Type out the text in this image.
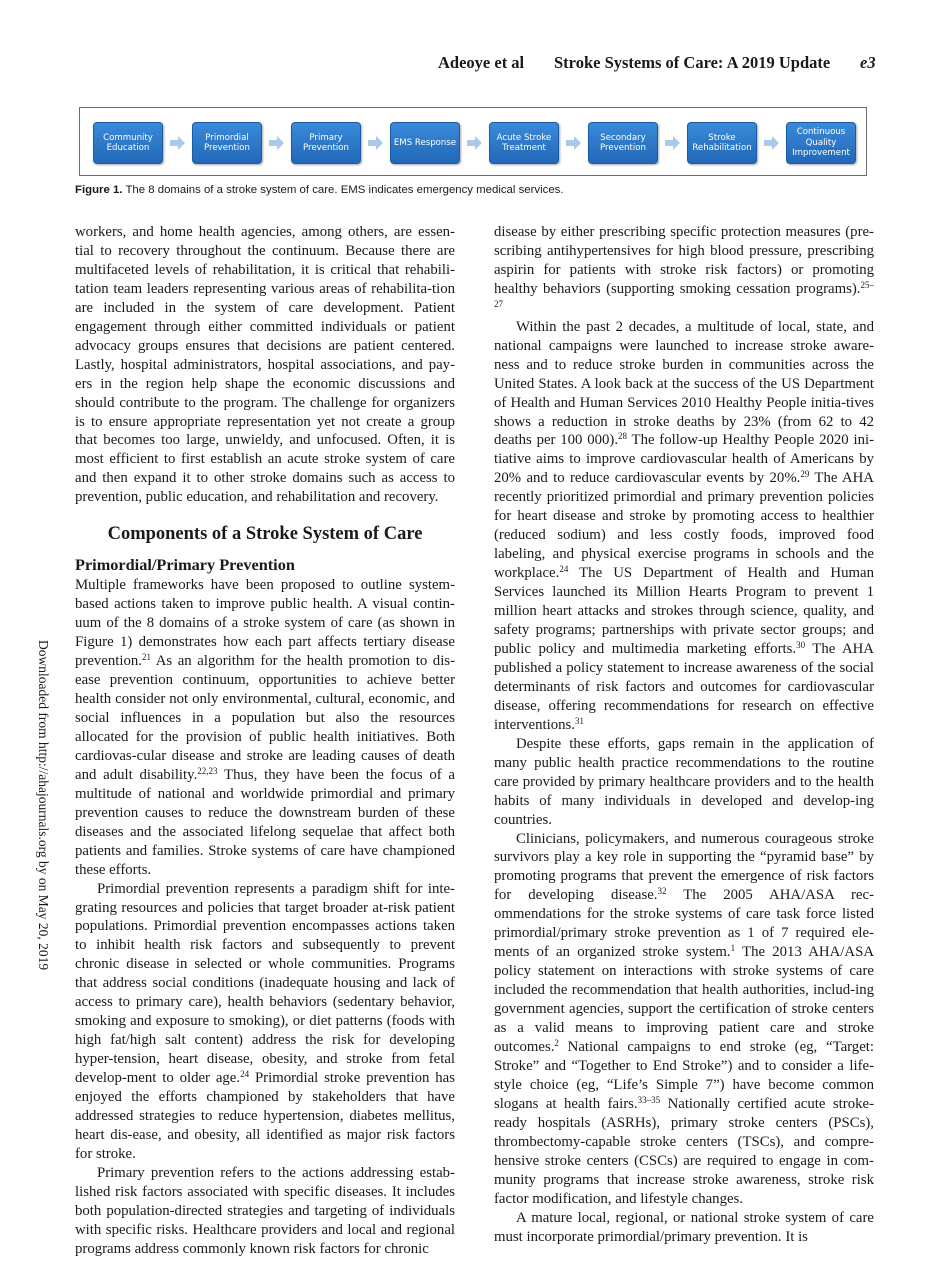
Adeoye et al Stroke Systems of Care: A 2019 Update e3
Community Education
Primordial Prevention
Primary Prevention
EMS Response
Acute Stroke Treatment
Secondary Prevention
Stroke Rehabilitation
Continuous Quality Improvement
Figure 1. The 8 domains of a stroke system of care. EMS indicates emergency medical services.
Downloaded from http://ahajournals.org by on May 20, 2019

workers, and home health agencies, among others, are essen-tial to recovery throughout the continuum. Because there are multifaceted levels of rehabilitation, it is critical that rehabili-tation team leaders representing various areas of rehabilita-tion are included in the system of care development. Patient engagement through either committed individuals or patient advocacy groups ensures that decisions are patient centered. Lastly, hospital administrators, hospital associations, and pay-ers in the region help shape the economic discussions and should contribute to the program. The challenge for organizers is to ensure appropriate representation yet not create a group that becomes too large, unwieldy, and unfocused. Often, it is most efficient to first establish an acute stroke system of care and then expand it to other stroke domains such as access to prevention, public education, and rehabilitation and recovery.

Components of a Stroke System of Care
Primordial/Primary Prevention

Multiple frameworks have been proposed to outline system-based actions taken to improve public health. A visual contin-uum of the 8 domains of a stroke system of care (as shown in Figure 1) demonstrates how each part affects tertiary disease prevention.$^{21}$ As an algorithm for the health promotion to dis-ease prevention continuum, opportunities to achieve better health consider not only environmental, cultural, economic, and social influences in a population but also the resources allocated for the provision of public health initiatives. Both cardiovas-cular disease and stroke are leading causes of death and adult disability.$^{22,23}$ Thus, they have been the focus of a multitude of national and worldwide primordial and primary prevention causes to reduce the downstream burden of these diseases and the associated lifelong sequelae that affect both patients and families. Stroke systems of care have championed these efforts.

Primordial prevention represents a paradigm shift for inte-grating resources and policies that target broader at-risk patient populations. Primordial prevention encompasses actions taken to inhibit health risk factors and subsequently to prevent chronic disease in selected or whole communities. Programs that address social conditions (inadequate housing and lack of access to primary care), health behaviors (sedentary behavior, smoking and exposure to smoking), or diet patterns (foods with high fat/high salt content) address the risk for developing hyper-tension, heart disease, obesity, and stroke from fetal develop-ment to older age.$^{24}$ Primordial stroke prevention has enjoyed the efforts championed by stakeholders that have addressed strategies to reduce hypertension, diabetes mellitus, heart dis-ease, and obesity, all identified as major risk factors for stroke.

Primary prevention refers to the actions addressing estab-lished risk factors associated with specific diseases. It includes both population-directed strategies and targeting of individuals with specific risks. Healthcare providers and local and regional programs address commonly known risk factors for chronic

disease by either prescribing specific protection measures (pre-scribing antihypertensives for high blood pressure, prescribing aspirin for patients with stroke risk factors) or promoting healthy behaviors (supporting smoking cessation programs).$^{25-27}$

Within the past 2 decades, a multitude of local, state, and national campaigns were launched to increase stroke aware-ness and to reduce stroke burden in communities across the United States. A look back at the success of the US Department of Health and Human Services 2010 Healthy People initia-tives shows a reduction in stroke deaths by 23% (from 62 to 42 deaths per 100 000).$^{28}$ The follow-up Healthy People 2020 ini-tiative aims to improve cardiovascular health of Americans by 20% and to reduce cardiovascular events by 20%.$^{29}$ The AHA recently prioritized primordial and primary prevention policies for heart disease and stroke by promoting access to healthier (reduced sodium) and less costly foods, improved food labeling, and physical exercise programs in schools and the workplace.$^{24}$ The US Department of Health and Human Services launched its Million Hearts Program to prevent 1 million heart attacks and strokes through science, quality, and safety programs; partnerships with private sector groups; and public policy and multimedia marketing efforts.$^{30}$ The AHA published a policy statement to increase awareness of the social determinants of risk factors and outcomes for cardiovascular disease, offering recommendations for research on effective interventions.$^{31}$

Despite these efforts, gaps remain in the application of many public health practice recommendations to the routine care provided by primary healthcare providers and to the health habits of many individuals in developed and develop-ing countries.

Clinicians, policymakers, and numerous courageous stroke survivors play a key role in supporting the “pyramid base” by promoting programs that prevent the emergence of risk factors for developing disease.$^{32}$ The 2005 AHA/ASA rec-ommendations for the stroke systems of care task force listed primordial/primary stroke prevention as 1 of 7 required ele-ments of an organized stroke system.$^1$ The 2013 AHA/ASA policy statement on interactions with stroke systems of care included the recommendation that health authorities, includ-ing government agencies, support the certification of stroke centers as a valid means to improving patient care and stroke outcomes.$^2$ National campaigns to end stroke (eg, “Target: Stroke” and “Together to End Stroke”) and to consider a life-style choice (eg, “Life’s Simple 7”) have become common slogans at health fairs.$^{33-35}$ Nationally certified acute stroke-ready hospitals (ASRHs), primary stroke centers (PSCs), thrombectomy-capable stroke centers (TSCs), and compre-hensive stroke centers (CSCs) are required to engage in com-munity programs that increase stroke awareness, stroke risk factor modification, and lifestyle changes.

A mature local, regional, or national stroke system of care must incorporate primordial/primary prevention. It is
